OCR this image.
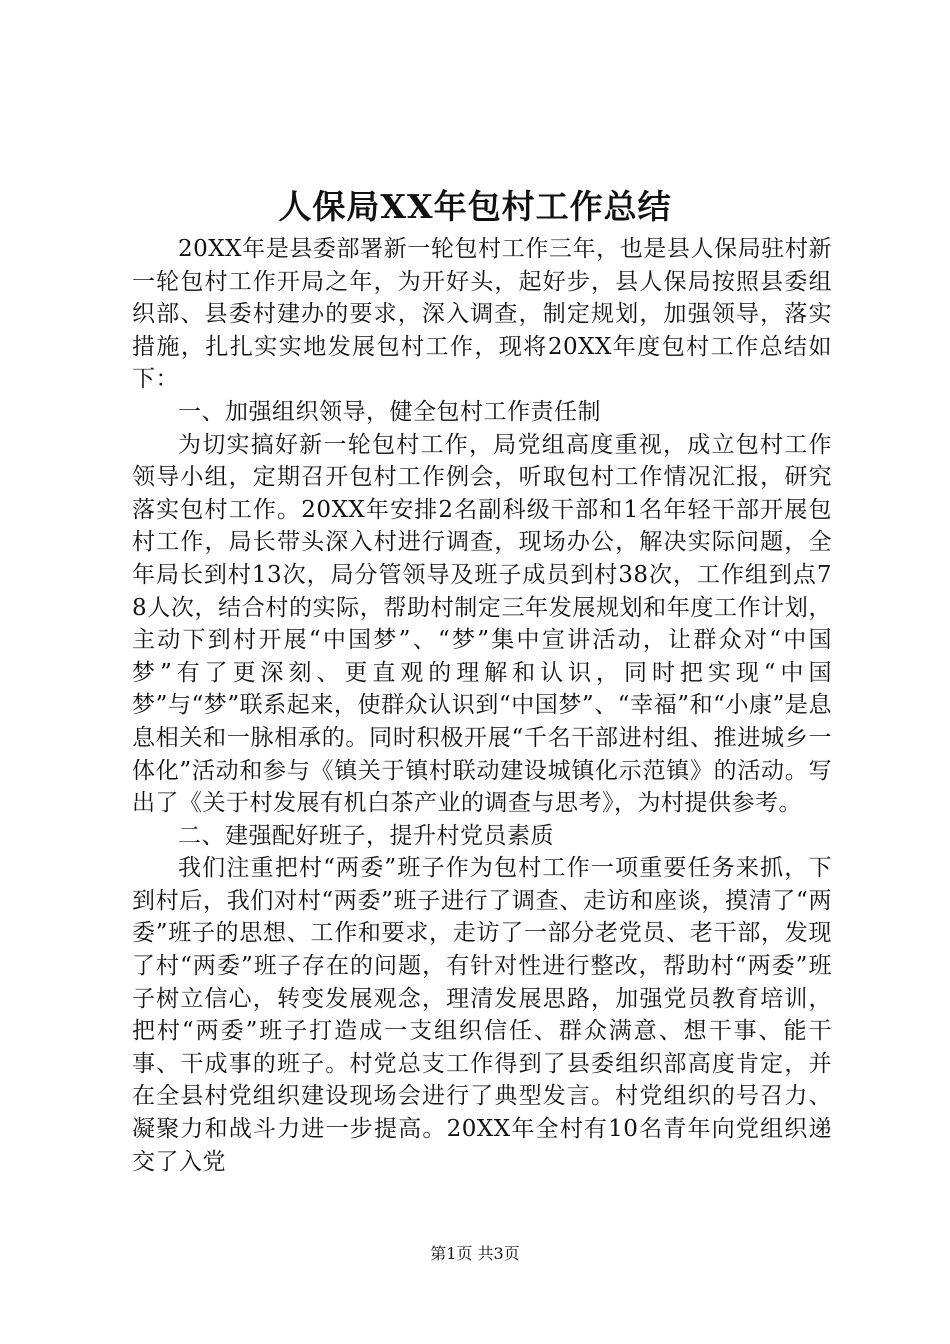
人保局XX年包村工作总结

20XX年是县委部署新一轮包村工作三年，也是县人保局驻村新一轮包村工作开局之年，为开好头，起好步，县人保局按照县委组织部、县委村建办的要求，深入调查，制定规划，加强领导，落实措施，扎扎实实地发展包村工作，现将20XX年度包村工作总结如下：

一、加强组织领导，健全包村工作责任制

为切实搞好新一轮包村工作，局党组高度重视，成立包村工作领导小组，定期召开包村工作例会，听取包村工作情况汇报，研究落实包村工作。20XX年安排2名副科级干部和1名年轻干部开展包村工作，局长带头深入村进行调查，现场办公，解决实际问题，全年局长到村13次，局分管领导及班子成员到村38次，工作组到点78人次，结合村的实际，帮助村制定三年发展规划和年度工作计划，主动下到村开展“中国梦”、“梦”集中宣讲活动，让群众对“中国梦”有了更深刻、更直观的理解和认识，同时把实现“中国梦”与“梦”联系起来，使群众认识到“中国梦”、“幸福”和“小康”是息息相关和一脉相承的。同时积极开展“千名干部进村组、推进城乡一体化”活动和参与《镇关于镇村联动建设城镇化示范镇》的活动。写出了《关于村发展有机白茶产业的调查与思考》，为村提供参考。

二、建强配好班子，提升村党员素质

我们注重把村“两委”班子作为包村工作一项重要任务来抓，下到村后，我们对村“两委”班子进行了调查、走访和座谈，摸清了“两委”班子的思想、工作和要求，走访了一部分老党员、老干部，发现了村“两委”班子存在的问题，有针对性进行整改，帮助村“两委”班子树立信心，转变发展观念，理清发展思路，加强党员教育培训，把村“两委”班子打造成一支组织信任、群众满意、想干事、能干事、干成事的班子。村党总支工作得到了县委组织部高度肯定，并在全县村党组织建设现场会进行了典型发言。村党组织的号召力、凝聚力和战斗力进一步提高。20XX年全村有10名青年向党组织递交了入党

第1页 共3页
